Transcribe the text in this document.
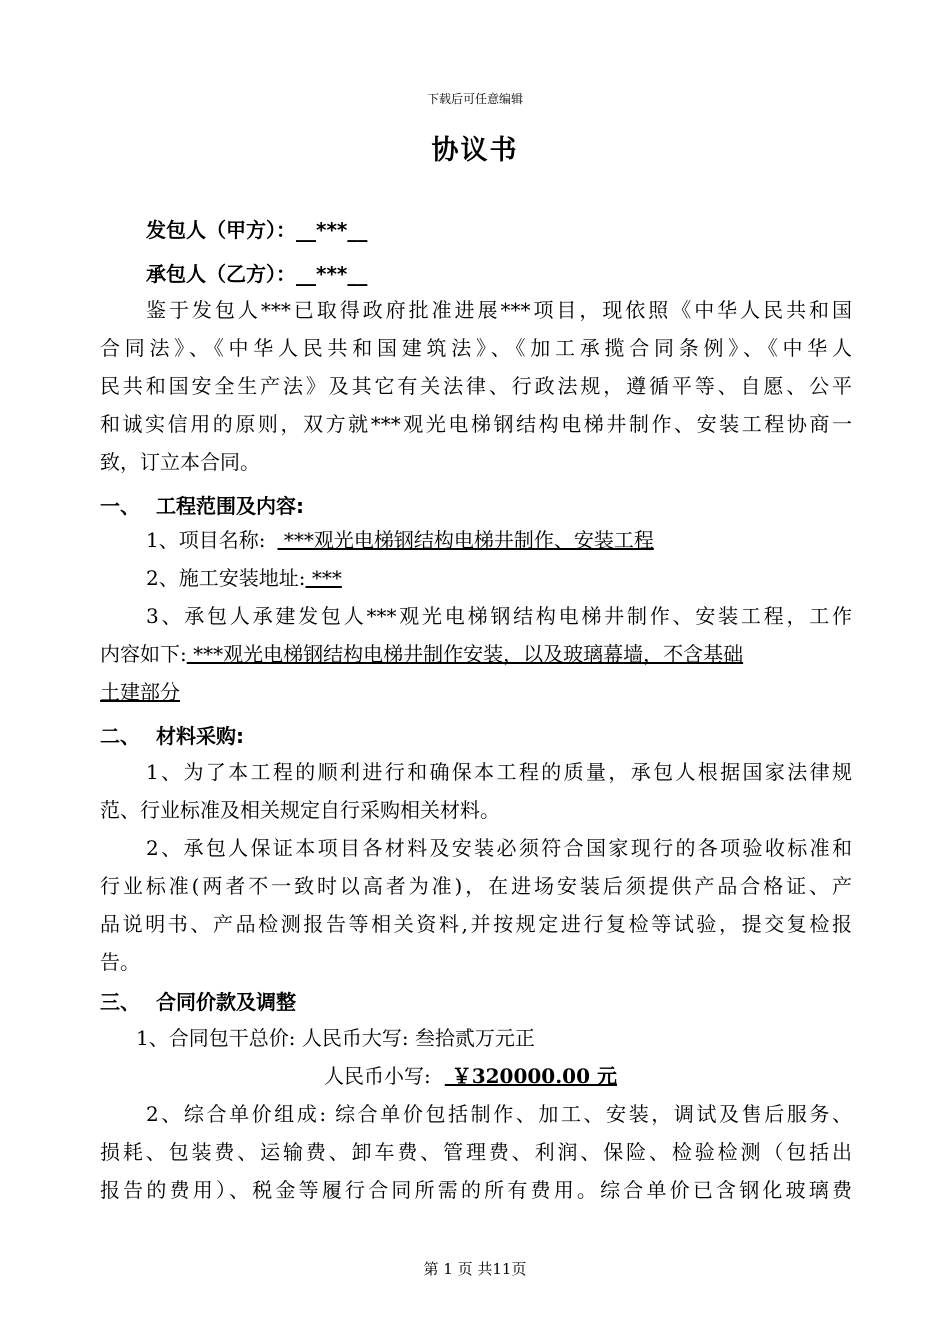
下载后可任意编辑
协议书
发包人（甲方）：__***__
承包人（乙方）：__***__
鉴于发包人***已取得政府批准进展***项目，现依照《中华人民共和国
合同法》、《中华人民共和国建筑法》、《加工承揽合同条例》、《中华人
民共和国安全生产法》及其它有关法律、行政法规，遵循平等、自愿、公平
和诚实信用的原则，双方就***观光电梯钢结构电梯井制作、安装工程协商一
致，订立本合同。
一、 工程范围及内容:
1、项目名称: ***观光电梯钢结构电梯井制作、安装工程
2、施工安装地址: ***
3、承包人承建发包人***观光电梯钢结构电梯井制作、安装工程，工作
内容如下: ***观光电梯钢结构电梯井制作安装，以及玻璃幕墙，不含基础
土建部分
二、 材料采购:
1、为了本工程的顺利进行和确保本工程的质量，承包人根据国家法律规
范、行业标准及相关规定自行采购相关材料。
2、承包人保证本项目各材料及安装必须符合国家现行的各项验收标准和
行业标准(两者不一致时以高者为准)，在进场安装后须提供产品合格证、产
品说明书、产品检测报告等相关资料,并按规定进行复检等试验，提交复检报
告。
三、 合同价款及调整
1、合同包干总价: 人民币大写: 叁拾贰万元正
人民币小写: ￥320000.00 元
2、综合单价组成: 综合单价包括制作、加工、安装，调试及售后服务、
损耗、包装费、运输费、卸车费、管理费、利润、保险、检验检测（包括出
报告的费用）、税金等履行合同所需的所有费用。综合单价已含钢化玻璃费
第 1 页 共11页
